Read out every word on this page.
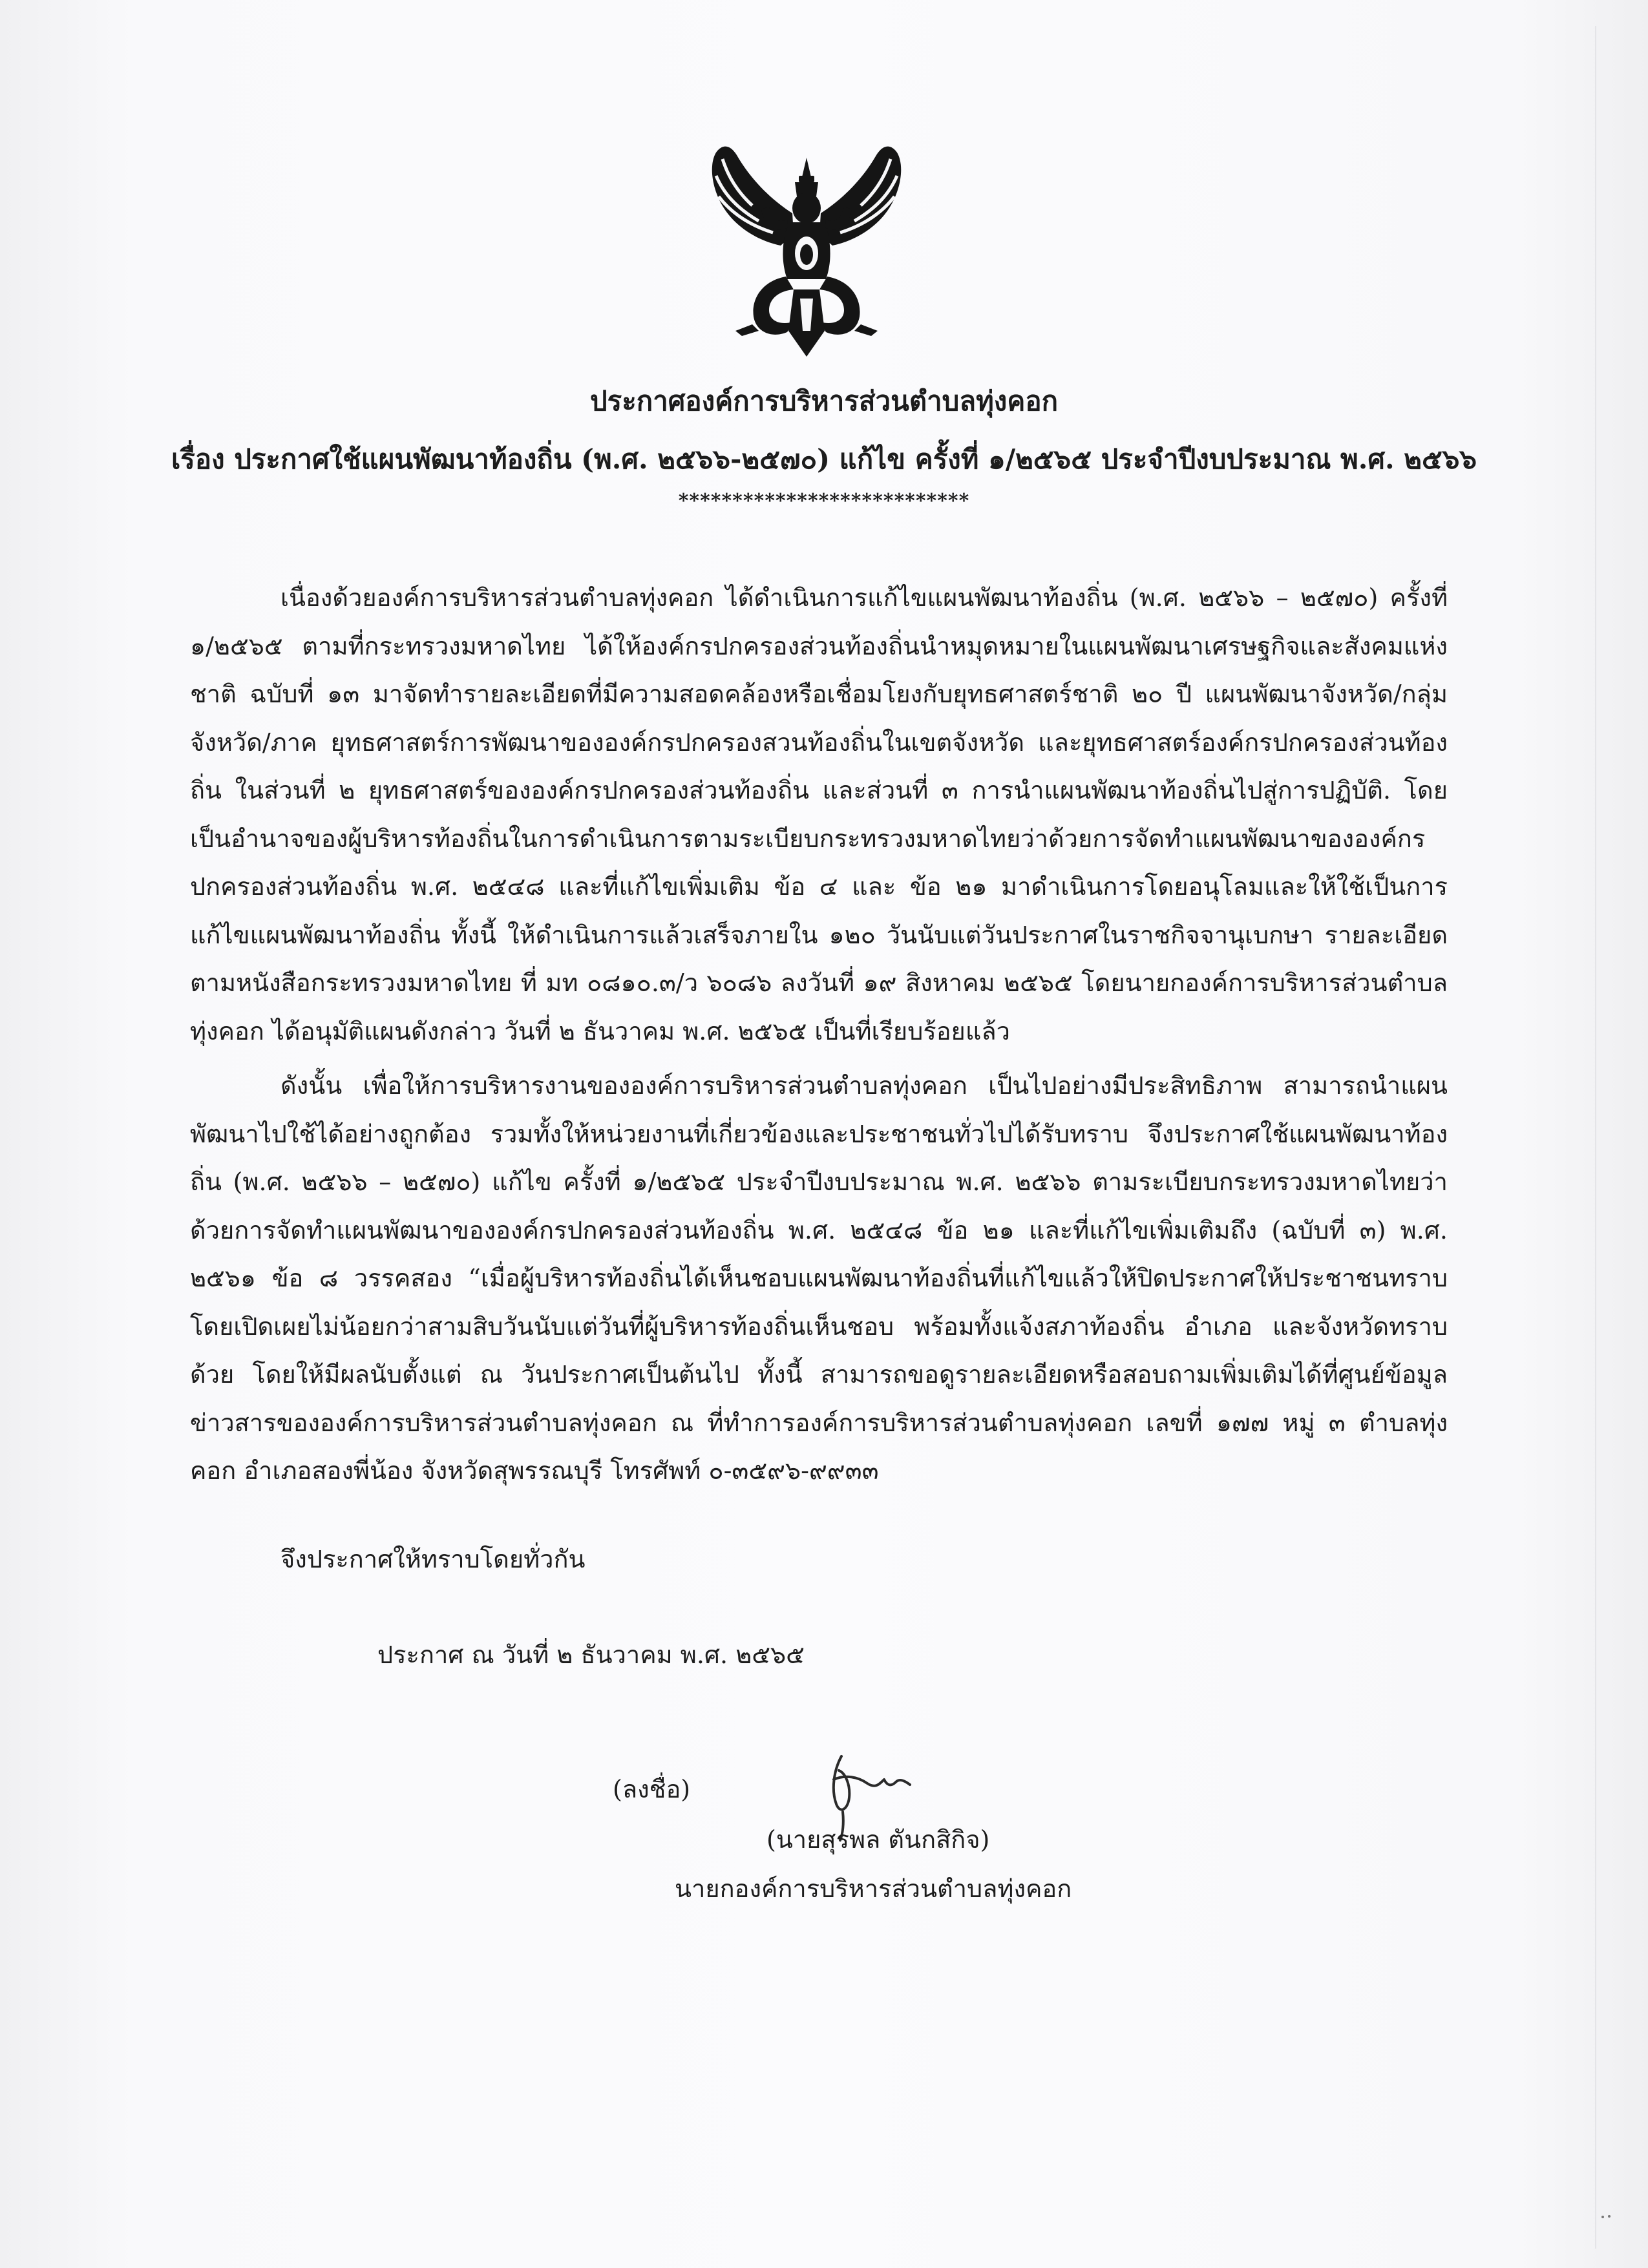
ประกาศองค์การบริหารส่วนตำบลทุ่งคอก
เรื่อง ประกาศใช้แผนพัฒนาท้องถิ่น (พ.ศ. ๒๕๖๖-๒๕๗๐) แก้ไข ครั้งที่ ๑/๒๕๖๕ ประจำปีงบประมาณ พ.ศ. ๒๕๖๖
***************************

เนื่องด้วยองค์การบริหารส่วนตำบลทุ่งคอก ได้ดำเนินการแก้ไขแผนพัฒนาท้องถิ่น (พ.ศ. ๒๕๖๖ – ๒๕๗๐) ครั้งที่ ๑/๒๕๖๕ ตามที่กระทรวงมหาดไทย ได้ให้องค์กรปกครองส่วนท้องถิ่นนำหมุดหมายในแผนพัฒนาเศรษฐกิจและสังคมแห่งชาติ ฉบับที่ ๑๓ มาจัดทำรายละเอียดที่มีความสอดคล้องหรือเชื่อมโยงกับยุทธศาสตร์ชาติ ๒๐ ปี แผนพัฒนาจังหวัด/กลุ่มจังหวัด/ภาค ยุทธศาสตร์การพัฒนาขององค์กรปกครองสวนท้องถิ่นในเขตจังหวัด และยุทธศาสตร์องค์กรปกครองส่วนท้องถิ่น ในส่วนที่ ๒ ยุทธศาสตร์ขององค์กรปกครองส่วนท้องถิ่น และส่วนที่ ๓ การนำแผนพัฒนาท้องถิ่นไปสู่การปฏิบัติ. โดยเป็นอำนาจของผู้บริหารท้องถิ่นในการดำเนินการตามระเบียบกระทรวงมหาดไทยว่าด้วยการจัดทำแผนพัฒนาขององค์กรปกครองส่วนท้องถิ่น พ.ศ. ๒๕๔๘ และที่แก้ไขเพิ่มเติม ข้อ ๔ และ ข้อ ๒๑ มาดำเนินการโดยอนุโลมและให้ใช้เป็นการแก้ไขแผนพัฒนาท้องถิ่น ทั้งนี้ ให้ดำเนินการแล้วเสร็จภายใน ๑๒๐ วันนับแต่วันประกาศในราชกิจจานุเบกษา รายละเอียดตามหนังสือกระทรวงมหาดไทย ที่ มท ๐๘๑๐.๓/ว ๖๐๘๖ ลงวันที่ ๑๙ สิงหาคม ๒๕๖๕ โดยนายกองค์การบริหารส่วนตำบลทุ่งคอก ได้อนุมัติแผนดังกล่าว วันที่ ๒ ธันวาคม พ.ศ. ๒๕๖๕ เป็นที่เรียบร้อยแล้ว

ดังนั้น เพื่อให้การบริหารงานขององค์การบริหารส่วนตำบลทุ่งคอก เป็นไปอย่างมีประสิทธิภาพ สามารถนำแผนพัฒนาไปใช้ได้อย่างถูกต้อง รวมทั้งให้หน่วยงานที่เกี่ยวข้องและประชาชนทั่วไปได้รับทราบ จึงประกาศใช้แผนพัฒนาท้องถิ่น (พ.ศ. ๒๕๖๖ – ๒๕๗๐) แก้ไข ครั้งที่ ๑/๒๕๖๕ ประจำปีงบประมาณ พ.ศ. ๒๕๖๖ ตามระเบียบกระทรวงมหาดไทยว่าด้วยการจัดทำแผนพัฒนาขององค์กรปกครองส่วนท้องถิ่น พ.ศ. ๒๕๔๘ ข้อ ๒๑ และที่แก้ไขเพิ่มเติมถึง (ฉบับที่ ๓) พ.ศ. ๒๕๖๑ ข้อ ๘ วรรคสอง “เมื่อผู้บริหารท้องถิ่นได้เห็นชอบแผนพัฒนาท้องถิ่นที่แก้ไขแล้วให้ปิดประกาศให้ประชาชนทราบโดยเปิดเผยไม่น้อยกว่าสามสิบวันนับแต่วันที่ผู้บริหารท้องถิ่นเห็นชอบ พร้อมทั้งแจ้งสภาท้องถิ่น อำเภอ และจังหวัดทราบด้วย โดยให้มีผลนับตั้งแต่ ณ วันประกาศเป็นต้นไป ทั้งนี้ สามารถขอดูรายละเอียดหรือสอบถามเพิ่มเติมได้ที่ศูนย์ข้อมูลข่าวสารขององค์การบริหารส่วนตำบลทุ่งคอก ณ ที่ทำการองค์การบริหารส่วนตำบลทุ่งคอก เลขที่ ๑๗๗ หมู่ ๓ ตำบลทุ่งคอก อำเภอสองพี่น้อง จังหวัดสุพรรณบุรี โทรศัพท์ ๐-๓๕๙๖-๙๙๓๓

จึงประกาศให้ทราบโดยทั่วกัน

ประกาศ ณ วันที่ ๒ ธันวาคม พ.ศ. ๒๕๖๕

(ลงชื่อ)

(นายสุรพล ตันกสิกิจ)

นายกองค์การบริหารส่วนตำบลทุ่งคอก
